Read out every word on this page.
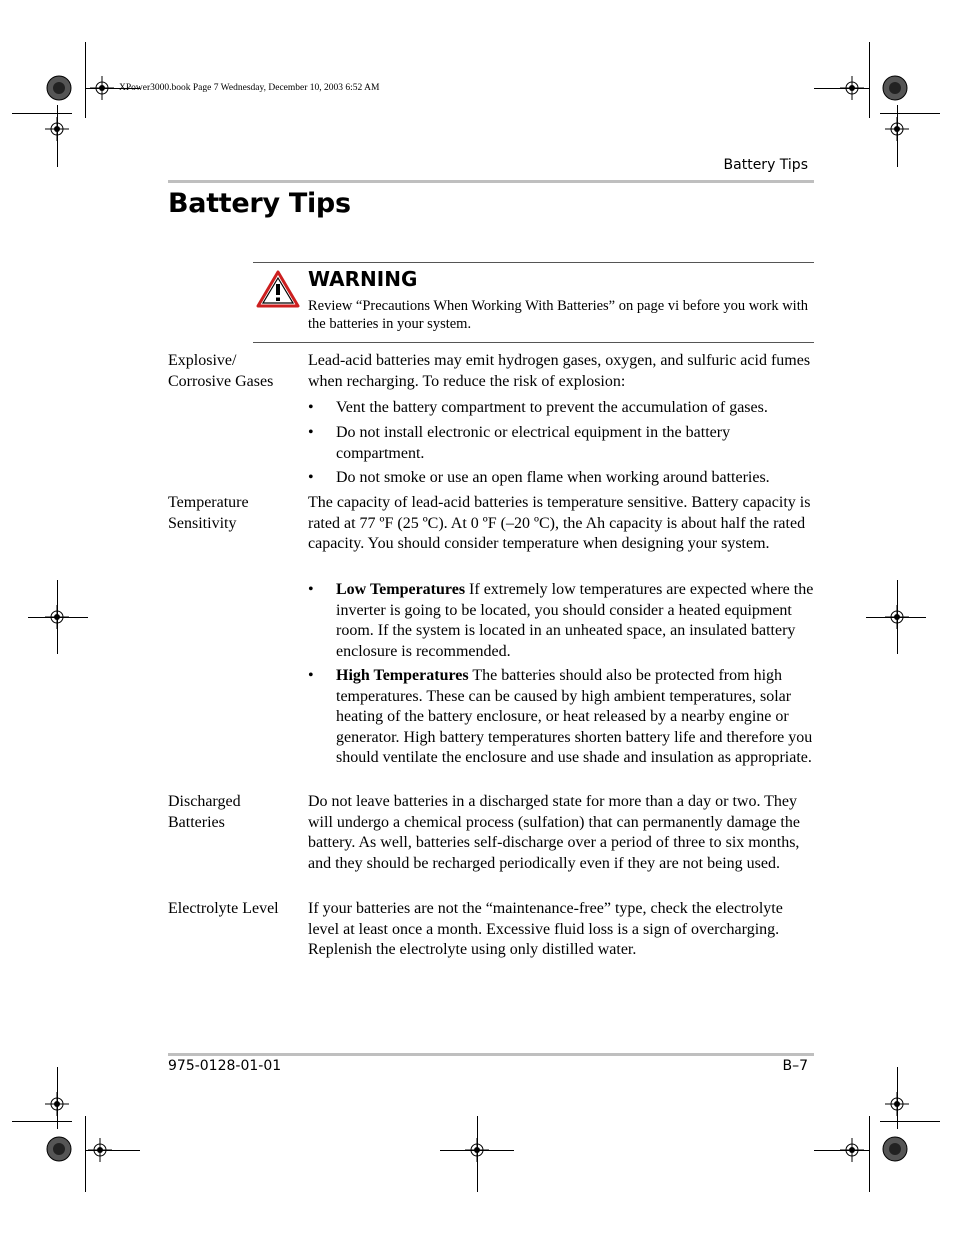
XPower3000.book Page 7 Wednesday, December 10, 2003 6:52 AM
Battery Tips
Battery Tips
WARNING
Review “Precautions When Working With Batteries” on page vi before you work with the batteries in your system.
Explosive/ Corrosive Gases
Lead-acid batteries may emit hydrogen gases, oxygen, and sulfuric acid fumes when recharging. To reduce the risk of explosion:
• Vent the battery compartment to prevent the accumulation of gases.
• Do not install electronic or electrical equipment in the battery compartment.
• Do not smoke or use an open flame when working around batteries.
Temperature Sensitivity
The capacity of lead-acid batteries is temperature sensitive. Battery capacity is rated at 77 ºF (25 ºC). At 0 ºF (–20 ºC), the Ah capacity is about half the rated capacity. You should consider temperature when designing your system.
• Low Temperatures If extremely low temperatures are expected where the inverter is going to be located, you should consider a heated equipment room. If the system is located in an unheated space, an insulated battery enclosure is recommended.
• High Temperatures The batteries should also be protected from high temperatures. These can be caused by high ambient temperatures, solar heating of the battery enclosure, or heat released by a nearby engine or generator. High battery temperatures shorten battery life and therefore you should ventilate the enclosure and use shade and insulation as appropriate.
Discharged Batteries
Do not leave batteries in a discharged state for more than a day or two. They will undergo a chemical process (sulfation) that can permanently damage the battery. As well, batteries self-discharge over a period of three to six months, and they should be recharged periodically even if they are not being used.
Electrolyte Level	If your batteries are not the “maintenance-free” type, check the electrolyte level at least once a month. Excessive fluid loss is a sign of overcharging. Replenish the electrolyte using only distilled water.
975-0128-01-01	B–7
